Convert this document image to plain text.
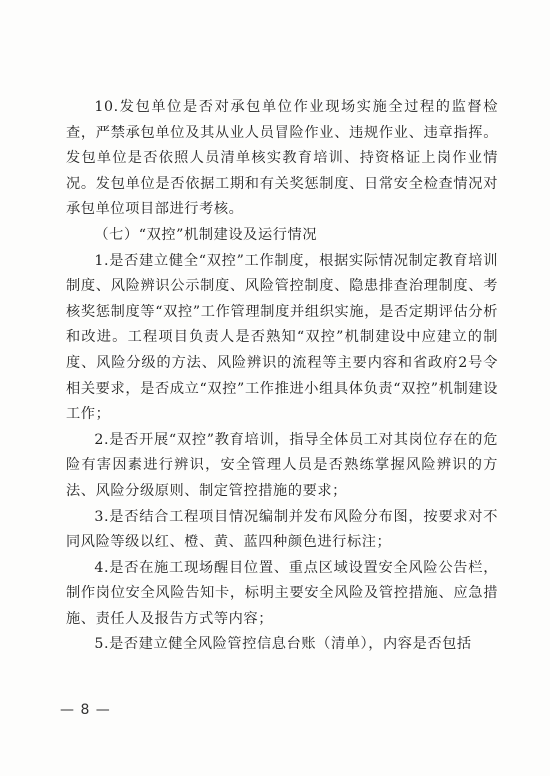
10.发包单位是否对承包单位作业现场实施全过程的监督检查，严禁承包单位及其从业人员冒险作业、违规作业、违章指挥。发包单位是否依照人员清单核实教育培训、持资格证上岗作业情况。发包单位是否依据工期和有关奖惩制度、日常安全检查情况对承包单位项目部进行考核。

（七）“双控”机制建设及运行情况

1.是否建立健全“双控”工作制度，根据实际情况制定教育培训制度、风险辨识公示制度、风险管控制度、隐患排查治理制度、考核奖惩制度等“双控”工作管理制度并组织实施，是否定期评估分析和改进。工程项目负责人是否熟知“双控”机制建设中应建立的制度、风险分级的方法、风险辨识的流程等主要内容和省政府2号令相关要求，是否成立“双控”工作推进小组具体负责“双控”机制建设工作；

2.是否开展“双控”教育培训，指导全体员工对其岗位存在的危险有害因素进行辨识，安全管理人员是否熟练掌握风险辨识的方法、风险分级原则、制定管控措施的要求；

3.是否结合工程项目情况编制并发布风险分布图，按要求对不同风险等级以红、橙、黄、蓝四种颜色进行标注；

4.是否在施工现场醒目位置、重点区域设置安全风险公告栏，制作岗位安全风险告知卡，标明主要安全风险及管控措施、应急措施、责任人及报告方式等内容；

5.是否建立健全风险管控信息台账（清单），内容是否包括

— 8 —
